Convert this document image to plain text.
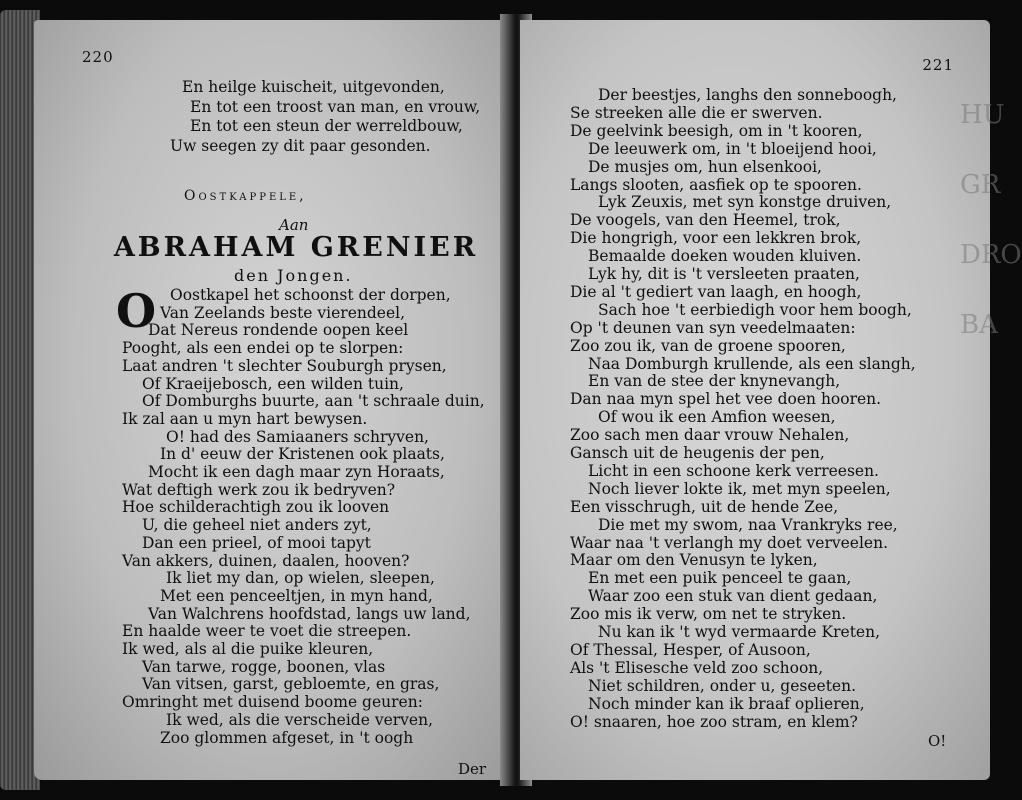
220
En heilge kuischeit, uitgevonden,
En tot een troost van man, en vrouw,
En tot een steun der werreldbouw,
Uw seegen zy dit paar gesonden.
Oostkappele,
Aan
ABRAHAM GRENIER
den Jongen.
O Oostkapel het schoonst der dorpen,
Van Zeelands beste vierendeel,
Dat Nereus rondende oopen keel
Pooght, als een endei op te slorpen:
Laat andren 't slechter Souburgh prysen,
Of Kraeijebosch, een wilden tuin,
Of Domburghs buurte, aan 't schraale duin,
Ik zal aan u myn hart bewysen.
O! had des Samiaaners schryven,
In d' eeuw der Kristenen ook plaats,
Mocht ik een dagh maar zyn Horaats,
Wat deftigh werk zou ik bedryven?
Hoe schilderachtigh zou ik looven
U, die geheel niet anders zyt,
Dan een prieel, of mooi tapyt
Van akkers, duinen, daalen, hooven?
Ik liet my dan, op wielen, sleepen,
Met een penceeltjen, in myn hand,
Van Walchrens hoofdstad, langs uw land,
En haalde weer te voet die streepen.
Ik wed, als al die puike kleuren,
Van tarwe, rogge, boonen, vlas
Van vitsen, garst, gebloemte, en gras,
Omringht met duisend boome geuren:
Ik wed, als die verscheide verven,
Zoo glommen afgeset, in 't oogh
Der
221
Der beestjes, langhs den sonneboogh,
Se streeken alle die er swerven.
De geelvink beesigh, om in 't kooren,
De leeuwerk om, in 't bloeijend hooi,
De musjes om, hun elsenkooi,
Langs slooten, aasfiek op te spooren.
Lyk Zeuxis, met syn konstge druiven,
De voogels, van den Heemel, trok,
Die hongrigh, voor een lekkren brok,
Bemaalde doeken wouden kluiven.
Lyk hy, dit is 't versleeten praaten,
Die al 't gediert van laagh, en hoogh,
Sach hoe 't eerbiedigh voor hem boogh,
Op 't deunen van syn veedelmaaten:
Zoo zou ik, van de groene spooren,
Naa Domburgh krullende, als een slangh,
En van de stee der knynevangh,
Dan naa myn spel het vee doen hooren.
Of wou ik een Amfion weesen,
Zoo sach men daar vrouw Nehalen,
Gansch uit de heugenis der pen,
Licht in een schoone kerk verreesen.
Noch liever lokte ik, met myn speelen,
Een visschrugh, uit de hende Zee,
Die met my swom, naa Vrankryks ree,
Waar naa 't verlangh my doet verveelen.
Maar om den Venusyn te lyken,
En met een puik penceel te gaan,
Waar zoo een stuk van dient gedaan,
Zoo mis ik verw, om net te stryken.
Nu kan ik 't wyd vermaarde Kreten,
Of Thessal, Hesper, of Ausoon,
Als 't Elisesche veld zoo schoon,
Niet schildren, onder u, geseeten.
Noch minder kan ik braaf oplieren,
O! snaaren, hoe zoo stram, en klem?
O!
HU
GR
DRO
BA
